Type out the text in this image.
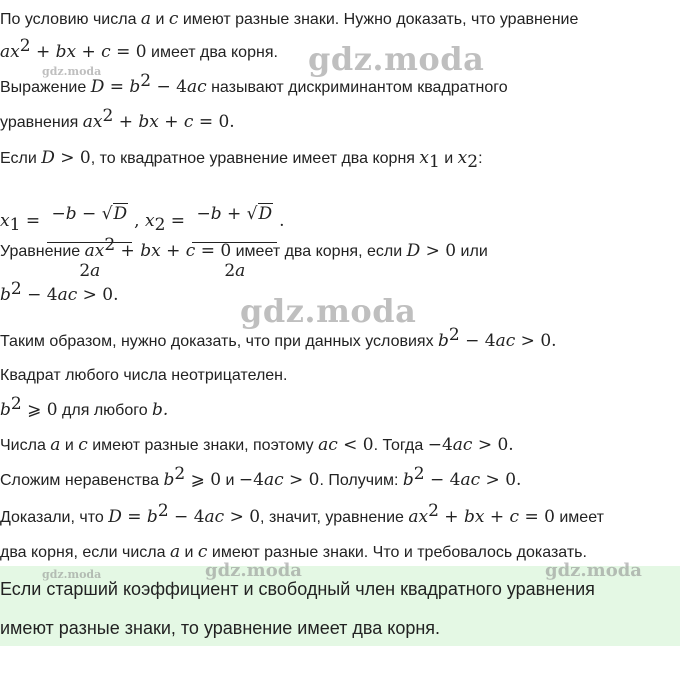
По условию числа a и c имеют разные знаки. Нужно доказать, что уравнение
$ax^2$ + bx + c = 0 имеет два корня.
Выражение $D = b^2 - 4ac$ называют дискриминантом квадратного
уравнения $ax^2$ + bx + c = 0.
Если D > 0, то квадратное уравнение имеет два корня $x_1$ и $x_2$:
$x_1 = \frac{-b - √D}{2a}$ , $x_2 = \frac{-b + √D}{2a}$ .
Уравнение $ax^2$ + bx + c = 0 имеет два корня, если D > 0 или
$b^2 - 4ac > 0$.
Таким образом, нужно доказать, что при данных условиях $b^2 - 4ac > 0$.
Квадрат любого числа неотрицателен.
$b^2$ ⩾ 0 для любого b.
Числа a и c имеют разные знаки, поэтому ac < 0. Тогда −4ac > 0.
Сложим неравенства $b^2$ ⩾ 0 и −4ac > 0. Получим: $b^2 - 4ac > 0$.
Доказали, что $D = b^2 - 4ac > 0$, значит, уравнение $ax^2$ + bx + c = 0 имеет
два корня, если числа a и c имеют разные знаки. Что и требовалось доказать.
Если старший коэффициент и свободный член квадратного уравнения
имеют разные знаки, то уравнение имеет два корня.
gdz.moda
gdz.moda
gdz.moda
gdz.moda	gdz.moda	gdz.moda
